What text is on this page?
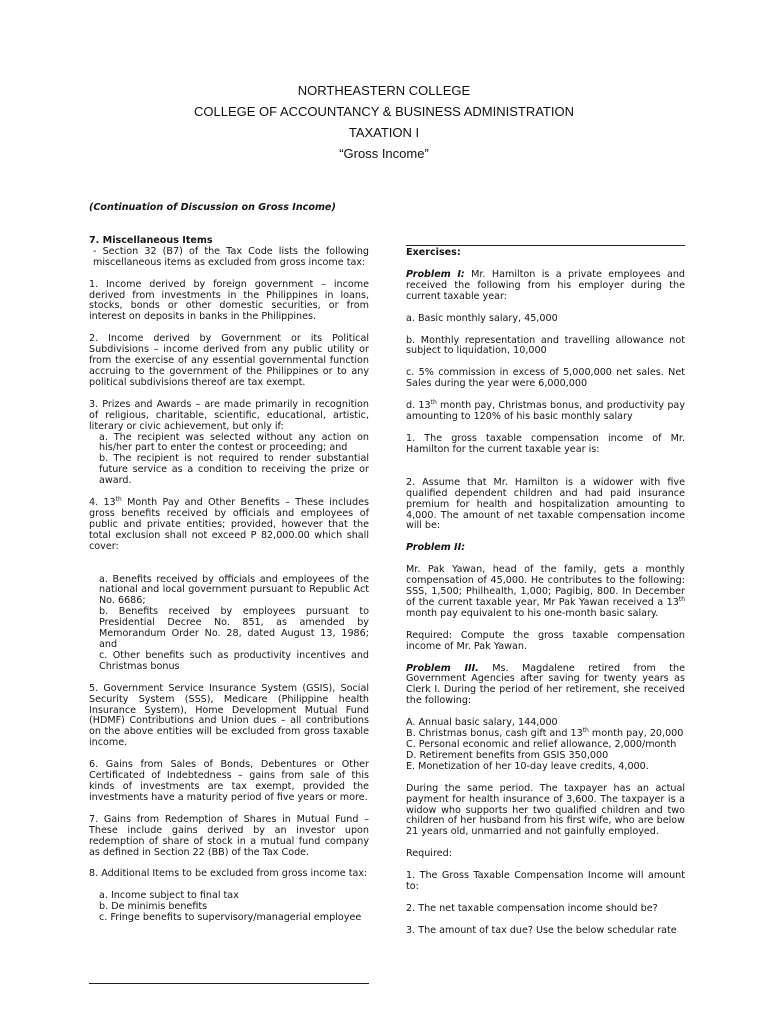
NORTHEASTERN COLLEGE
COLLEGE OF ACCOUNTANCY & BUSINESS ADMINISTRATION
TAXATION I
“Gross Income”

(Continuation of Discussion on Gross Income)

7. Miscellaneous Items

- Section 32 (B7) of the Tax Code lists the following miscellaneous items as excluded from gross income tax:

1. Income derived by foreign government – income derived from investments in the Philippines in loans, stocks, bonds or other domestic securities, or from interest on deposits in banks in the Philippines.

2. Income derived by Government or its Political Subdivisions – income derived from any public utility or from the exercise of any essential governmental function accruing to the government of the Philippines or to any political subdivisions thereof are tax exempt.

3. Prizes and Awards – are made primarily in recognition of religious, charitable, scientific, educational, artistic, literary or civic achievement, but only if:

a. The recipient was selected without any action on his/her part to enter the contest or proceeding; and

b. The recipient is not required to render substantial future service as a condition to receiving the prize or award.

4. 13th Month Pay and Other Benefits – These includes gross benefits received by officials and employees of public and private entities; provided, however that the total exclusion shall not exceed P 82,000.00 which shall cover:

a. Benefits received by officials and employees of the national and local government pursuant to Republic Act No. 6686;

b. Benefits received by employees pursuant to Presidential Decree No. 851, as amended by Memorandum Order No. 28, dated August 13, 1986; and

c. Other benefits such as productivity incentives and Christmas bonus

5. Government Service Insurance System (GSIS), Social Security System (SSS), Medicare (Philippine health Insurance System), Home Development Mutual Fund (HDMF) Contributions and Union dues – all contributions on the above entities will be excluded from gross taxable income.

6. Gains from Sales of Bonds, Debentures or Other Certificated of Indebtedness – gains from sale of this kinds of investments are tax exempt, provided the investments have a maturity period of five years or more.

7. Gains from Redemption of Shares in Mutual Fund – These include gains derived by an investor upon redemption of share of stock in a mutual fund company as defined in Section 22 (BB) of the Tax Code.

8. Additional Items to be excluded from gross income tax:

a. Income subject to final tax

b. De minimis benefits

c. Fringe benefits to supervisory/managerial employee

Exercises:

Problem I: Mr. Hamilton is a private employees and received the following from his employer during the current taxable year:

a. Basic monthly salary, 45,000

b. Monthly representation and travelling allowance not subject to liquidation, 10,000

c. 5% commission in excess of 5,000,000 net sales. Net Sales during the year were 6,000,000

d. 13th month pay, Christmas bonus, and productivity pay amounting to 120% of his basic monthly salary

1. The gross taxable compensation income of Mr. Hamilton for the current taxable year is:

2. Assume that Mr. Hamilton is a widower with five qualified dependent children and had paid insurance premium for health and hospitalization amounting to 4,000. The amount of net taxable compensation income will be:

Problem II:

Mr. Pak Yawan, head of the family, gets a monthly compensation of 45,000. He contributes to the following: SSS, 1,500; Philhealth, 1,000; Pagibig, 800. In December of the current taxable year, Mr Pak Yawan received a 13th month pay equivalent to his one-month basic salary.

Required: Compute the gross taxable compensation income of Mr. Pak Yawan.

Problem III. Ms. Magdalene retired from the Government Agencies after saving for twenty years as Clerk I. During the period of her retirement, she received the following:

A. Annual basic salary, 144,000

B. Christmas bonus, cash gift and 13th month pay, 20,000

C. Personal economic and relief allowance, 2,000/month

D. Retirement benefits from GSIS 350,000

E. Monetization of her 10-day leave credits, 4,000.

During the same period. The taxpayer has an actual payment for health insurance of 3,600. The taxpayer is a widow who supports her two qualified children and two children of her husband from his first wife, who are below 21 years old, unmarried and not gainfully employed.

Required:

1. The Gross Taxable Compensation Income will amount to:

2. The net taxable compensation income should be?

3. The amount of tax due? Use the below schedular rate
